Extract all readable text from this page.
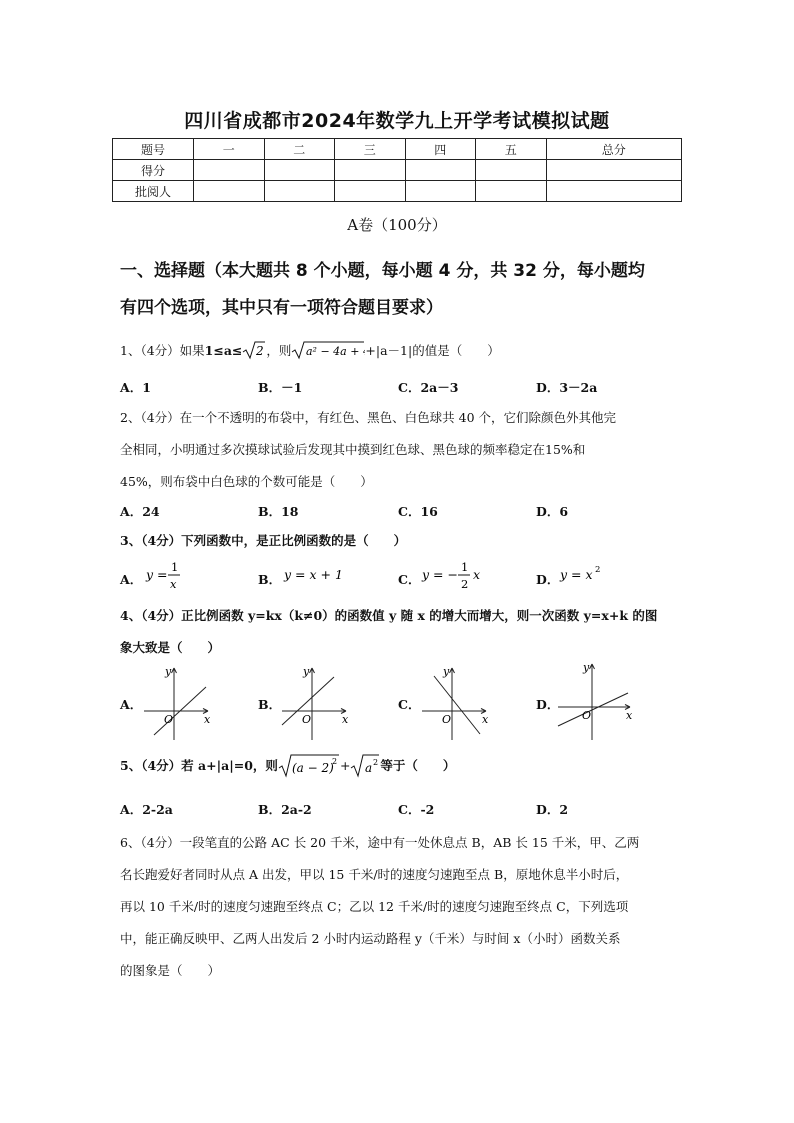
四川省成都市2024年数学九上开学考试模拟试题
题号	一	二	三	四	五	总分
得分						
批阅人						
A卷（100分）
一、选择题（本大题共 8 个小题，每小题 4 分，共 32 分，每小题均
有四个选项，其中只有一项符合题目要求）
1、（4分）如果1≤a≤ 2 ，则 a² − 4a + 4
+|a－1|的值是（　　）
A．1	B．－1	C．2a－3	D．3－2a
2、（4分）在一个不透明的布袋中，有红色、黑色、白色球共 40 个，它们除颜色外其他完
全相同，小明通过多次摸球试验后发现其中摸到红色球、黑色球的频率稳定在15%和
45%，则布袋中白色球的个数可能是（　　）
A．24	B．18	C．16	D．6
3、（4分）下列函数中，是正比例函数的是（　　）
A． y = 1
x	B． y = x + 1	C． y = − 1
2
x	D． y = x 2
4、（4分）正比例函数 y=kx（k≠0）的函数值 y 随 x 的增大而增大，则一次函数 y=x+k 的图
象大致是（　　）
A．
y
x
O
B．
y
x
O
C．
y
x
O
D．
y
x
O
5、（4分）若 a+|a|=0，则 (a − 2)
2 + a 2 等于（　　）
A．2-2a	B．2a-2	C．-2	D．2
6、（4分）一段笔直的公路 AC 长 20 千米，途中有一处休息点 B，AB 长 15 千米，甲、乙两
名长跑爱好者同时从点 A 出发，甲以 15 千米/时的速度匀速跑至点 B，原地休息半小时后，
再以 10 千米/时的速度匀速跑至终点 C；乙以 12 千米/时的速度匀速跑至终点 C，下列选项
中，能正确反映甲、乙两人出发后 2 小时内运动路程 y（千米）与时间 x（小时）函数关系
的图象是（　　）
